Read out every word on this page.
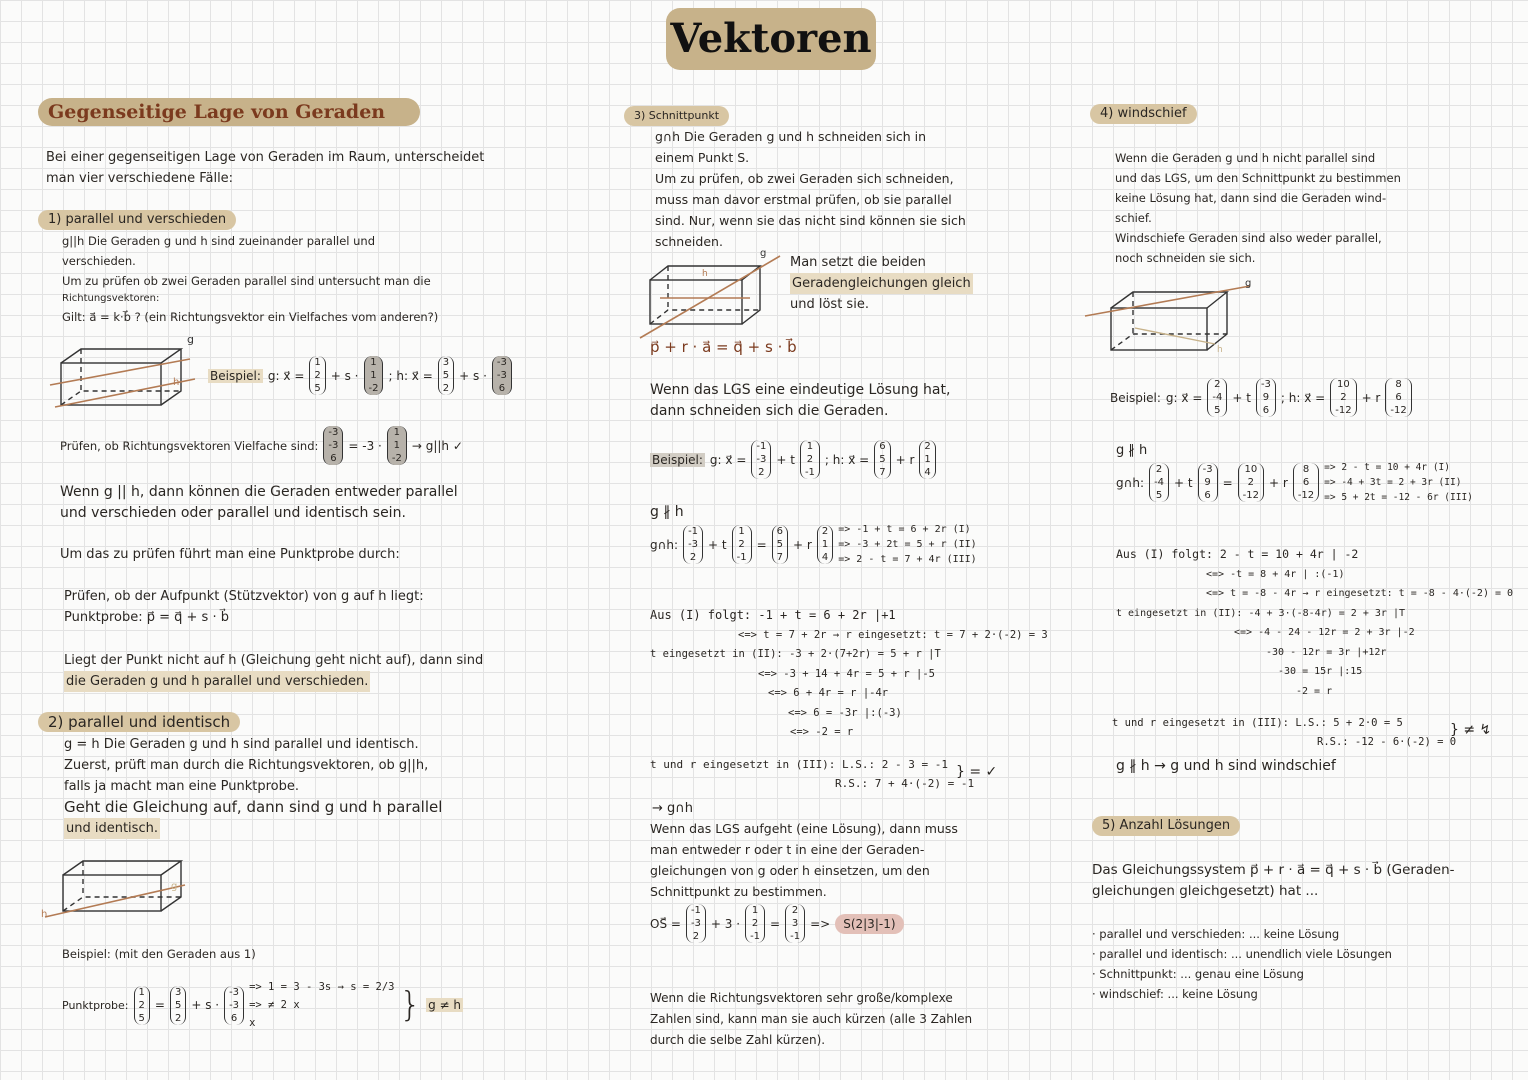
Vektoren
Gegenseitige Lage von Geraden
Bei einer gegenseitigen Lage von Geraden im Raum, unterscheidet
man vier verschiedene Fälle:
1) parallel und verschieden
g||h Die Geraden g und h sind zueinander parallel und
verschieden.
Um zu prüfen ob zwei Geraden parallel sind untersucht man die
Richtungsvektoren:
Gilt: a⃗ = k·b⃗ ? (ein Richtungsvektor ein Vielfaches vom anderen?)
g
h	Beispiel: g: x⃗ =
1
2
5
+ s ·
1
1
-2
; h: x⃗ =
3
5
2
+ s ·
-3
-3
6
Prüfen, ob Richtungsvektoren Vielfache sind:
-3
-3
6
= -3 ·
1
1
-2
→ g||h ✓
Wenn g || h, dann können die Geraden entweder parallel
und verschieden oder parallel und identisch sein.
Um das zu prüfen führt man eine Punktprobe durch:
Prüfen, ob der Aufpunkt (Stützvektor) von g auf h liegt:
Punktprobe: p⃗ = q⃗ + s · b⃗
Liegt der Punkt nicht auf h (Gleichung geht nicht auf), dann sind
die Geraden g und h parallel und verschieden.
2) parallel und identisch
g = h Die Geraden g und h sind parallel und identisch.
Zuerst, prüft man durch die Richtungsvektoren, ob g||h,
falls ja macht man eine Punktprobe.
Geht die Gleichung auf, dann sind g und h parallel
und identisch.
h
g
Beispiel: (mit den Geraden aus 1)
Punktprobe:
1
2
5
=
3
5
2
+ s ·
-3
-3
6
=> 1 = 3 - 3s → s = 2/3
=> ≠ 2 x
x	} g ≠ h
3) Schnittpunkt
g∩h Die Geraden g und h schneiden sich in
einem Punkt S.
Um zu prüfen, ob zwei Geraden sich schneiden,
muss man davor erstmal prüfen, ob sie parallel
sind. Nur, wenn sie das nicht sind können sie sich
schneiden.
g
h
Man setzt die beiden
Geradengleichungen gleich
und löst sie.
p⃗ + r · a⃗ = q⃗ + s · b⃗
Wenn das LGS eine eindeutige Lösung hat,
dann schneiden sich die Geraden.
Beispiel: g: x⃗ =
-1
-3
2
+ t
1
2
-1
; h: x⃗ =
6
5
7
+ r
2
1
4
g ∦ h
g∩h:
-1
-3
2
+ t
1
2
-1
=
6
5
7
+ r
2
1
4
=> -1 + t = 6 + 2r (I)
=> -3 + 2t = 5 + r (II)
=> 2 - t = 7 + 4r (III)
Aus (I) folgt: -1 + t = 6 + 2r |+1
<=> t = 7 + 2r → r eingesetzt: t = 7 + 2·(-2) = 3
t eingesetzt in (II): -3 + 2·(7+2r) = 5 + r |T
<=> -3 + 14 + 4r = 5 + r |-5
<=> 6 + 4r = r |-4r
<=> 6 = -3r |:(-3)
<=> -2 = r
t und r eingesetzt in (III): L.S.: 2 - 3 = -1
R.S.: 7 + 4·(-2) = -1
} = ✓
→ g∩h
Wenn das LGS aufgeht (eine Lösung), dann muss
man entweder r oder t in eine der Geraden-
gleichungen von g oder h einsetzen, um den
Schnittpunkt zu bestimmen.
OS⃗ =
-1
-3
2
+ 3 ·
1
2
-1
=
2
3
-1
=>	S(2|3|-1)
Wenn die Richtungsvektoren sehr große/komplexe
Zahlen sind, kann man sie auch kürzen (alle 3 Zahlen
durch die selbe Zahl kürzen).
4) windschief
Wenn die Geraden g und h nicht parallel sind
und das LGS, um den Schnittpunkt zu bestimmen
keine Lösung hat, dann sind die Geraden wind-
schief.
Windschiefe Geraden sind also weder parallel,
noch schneiden sie sich.
g
h
Beispiel: g: x⃗ =
2
-4
5
+ t
-3
9
6
; h: x⃗ =
10
2
-12
+ r
8
6
-12
g ∦ h
g∩h:
2
-4
5
+ t
-3
9
6
=
10
2
-12
+ r
8
6
-12
=> 2 - t = 10 + 4r (I)
=> -4 + 3t = 2 + 3r (II)
=> 5 + 2t = -12 - 6r (III)
Aus (I) folgt: 2 - t = 10 + 4r | -2
<=> -t = 8 + 4r | :(-1)
<=> t = -8 - 4r → r eingesetzt: t = -8 - 4·(-2) = 0
t eingesetzt in (II): -4 + 3·(-8-4r) = 2 + 3r |T
<=> -4 - 24 - 12r = 2 + 3r |-2
-30 - 12r = 3r |+12r
-30 = 15r |:15
-2 = r
t und r eingesetzt in (III): L.S.: 5 + 2·0 = 5
R.S.: -12 - 6·(-2) = 0
} ≠ ↯
g ∦ h → g und h sind windschief
5) Anzahl Lösungen
Das Gleichungssystem p⃗ + r · a⃗ = q⃗ + s · b⃗ (Geraden-
gleichungen gleichgesetzt) hat ...
· parallel und verschieden: ... keine Lösung
· parallel und identisch: ... unendlich viele Lösungen
· Schnittpunkt: ... genau eine Lösung
· windschief: ... keine Lösung
